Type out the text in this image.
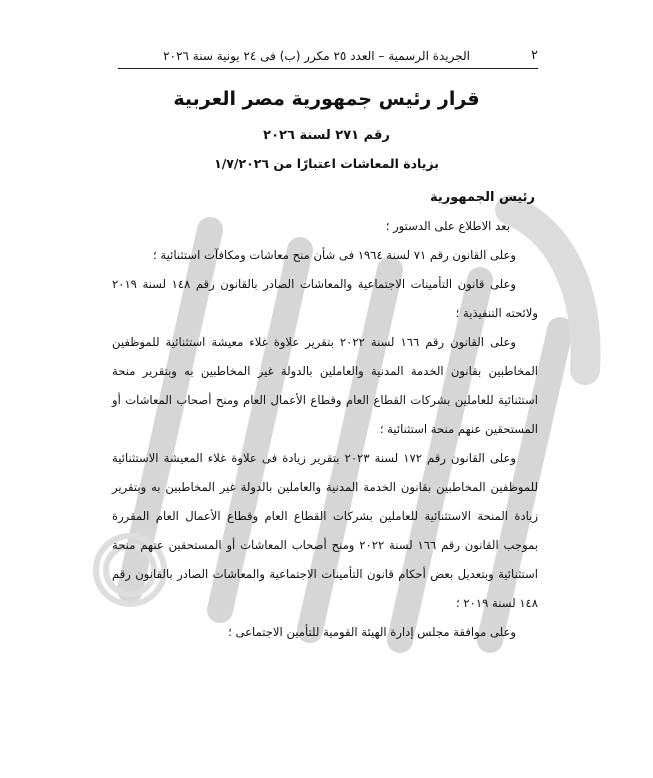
٢
الجريدة الرسمية – العدد ٢٥ مكرر (ب) فى ٢٤ يونية سنة ٢٠٢٦
قرار رئيس جمهورية مصر العربية
رقم ٢٧١ لسنة ٢٠٢٦
بزيادة المعاشات اعتبارًا من ١/٧/٢٠٢٦
رئيس الجمهورية

بعد الاطلاع على الدستور ؛

وعلى القانون رقم ٧١ لسنة ١٩٦٤ فى شأن منح معاشات ومكافآت استثنائية ؛

وعلى قانون التأمينات الاجتماعية والمعاشات الصادر بالقانون رقم ١٤٨ لسنة ٢٠١٩ ولائحته التنفيذية ؛

وعلى القانون رقم ١٦٦ لسنة ٢٠٢٢ بتقرير علاوة غلاء معيشة استثنائية للموظفين المخاطبين بقانون الخدمة المدنية والعاملين بالدولة غير المخاطبين به وبتقرير منحة استثنائية للعاملين بشركات القطاع العام وقطاع الأعمال العام ومنح أصحاب المعاشات أو المستحقين عنهم منحة استثنائية ؛

وعلى القانون رقم ١٧٢ لسنة ٢٠٢٣ بتقرير زيادة فى علاوة غلاء المعيشة الاستثنائية للموظفين المخاطبين بقانون الخدمة المدنية والعاملين بالدولة غير المخاطبين به وبتقرير زيادة المنحة الاستثنائية للعاملين بشركات القطاع العام وقطاع الأعمال العام المقررة بموجب القانون رقم ١٦٦ لسنة ٢٠٢٢ ومنح أصحاب المعاشات أو المستحقين عنهم منحة استثنائية وبتعديل بعض أحكام قانون التأمينات الاجتماعية والمعاشات الصادر بالقانون رقم ١٤٨ لسنة ٢٠١٩ ؛

وعلى موافقة مجلس إدارة الهيئة القومية للتأمين الاجتماعى ؛
